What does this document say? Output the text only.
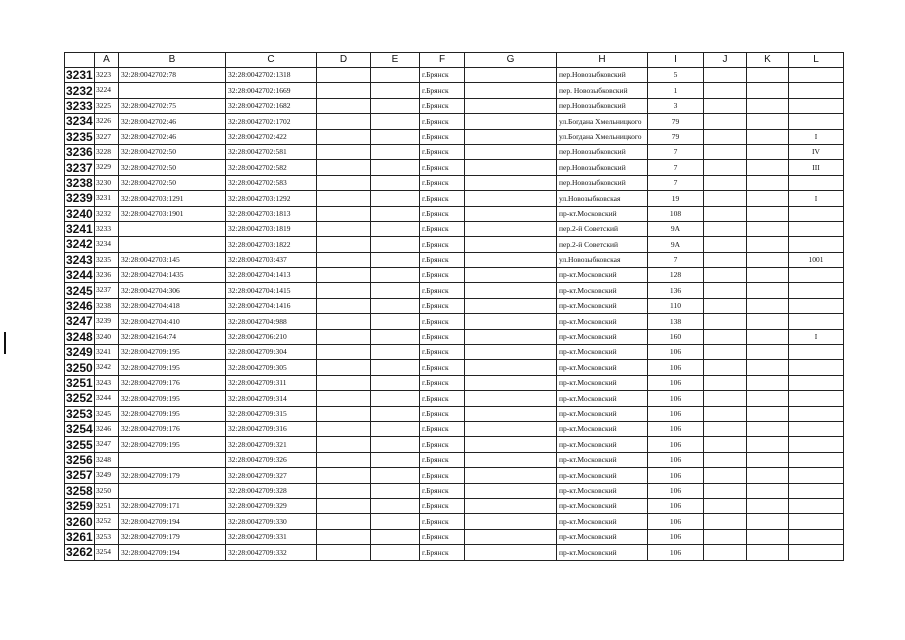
	A	B	C	D	E	F	G	H	I	J	K	L
3231	3223	32:28:0042702:78	32:28:0042702:1318			г.Брянск		пер.Новозыбковский	5			
3232	3224		32:28:0042702:1669			г.Брянск		пер. Новозыбковский	1			
3233	3225	32:28:0042702:75	32:28:0042702:1682			г.Брянск		пер.Новозыбковский	3			
3234	3226	32:28:0042702:46	32:28:0042702:1702			г.Брянск		ул.Богдана Хмельницкого	79			
3235	3227	32:28:0042702:46	32:28:0042702:422			г.Брянск		ул.Богдана Хмельницкого	79			I
3236	3228	32:28:0042702:50	32:28:0042702:581			г.Брянск		пер.Новозыбковский	7			IV
3237	3229	32:28:0042702:50	32:28:0042702:582			г.Брянск		пер.Новозыбковский	7			III
3238	3230	32:28:0042702:50	32:28:0042702:583			г.Брянск		пер.Новозыбковский	7			
3239	3231	32:28:0042703:1291	32:28:0042703:1292			г.Брянск		ул.Новозыбковская	19			I
3240	3232	32:28:0042703:1901	32:28:0042703:1813			г.Брянск		пр-кт.Московский	108			
3241	3233		32:28:0042703:1819			г.Брянск		пер.2-й Советский	9А			
3242	3234		32:28:0042703:1822			г.Брянск		пер.2-й Советский	9А			
3243	3235	32:28:0042703:145	32:28:0042703:437			г.Брянск		ул.Новозыбковская	7			1001
3244	3236	32:28:0042704:1435	32:28:0042704:1413			г.Брянск		пр-кт.Московский	128			
3245	3237	32:28:0042704:306	32:28:0042704:1415			г.Брянск		пр-кт.Московский	136			
3246	3238	32:28:0042704:418	32:28:0042704:1416			г.Брянск		пр-кт.Московский	110			
3247	3239	32:28:0042704:410	32:28:0042704:988			г.Брянск		пр-кт.Московский	138			
3248	3240	32:28:0042164:74	32:28:0042706:210			г.Брянск		пр-кт.Московский	160			I
3249	3241	32:28:0042709:195	32:28:0042709:304			г.Брянск		пр-кт.Московский	106			
3250	3242	32:28:0042709:195	32:28:0042709:305			г.Брянск		пр-кт.Московский	106			
3251	3243	32:28:0042709:176	32:28:0042709:311			г.Брянск		пр-кт.Московский	106			
3252	3244	32:28:0042709:195	32:28:0042709:314			г.Брянск		пр-кт.Московский	106			
3253	3245	32:28:0042709:195	32:28:0042709:315			г.Брянск		пр-кт.Московский	106			
3254	3246	32:28:0042709:176	32:28:0042709:316			г.Брянск		пр-кт.Московский	106			
3255	3247	32:28:0042709:195	32:28:0042709:321			г.Брянск		пр-кт.Московский	106			
3256	3248		32:28:0042709:326			г.Брянск		пр-кт.Московский	106			
3257	3249	32:28:0042709:179	32:28:0042709:327			г.Брянск		пр-кт.Московский	106			
3258	3250		32:28:0042709:328			г.Брянск		пр-кт.Московский	106			
3259	3251	32:28:0042709:171	32:28:0042709:329			г.Брянск		пр-кт.Московский	106			
3260	3252	32:28:0042709:194	32:28:0042709:330			г.Брянск		пр-кт.Московский	106			
3261	3253	32:28:0042709:179	32:28:0042709:331			г.Брянск		пр-кт.Московский	106			
3262	3254	32:28:0042709:194	32:28:0042709:332			г.Брянск		пр-кт.Московский	106			
